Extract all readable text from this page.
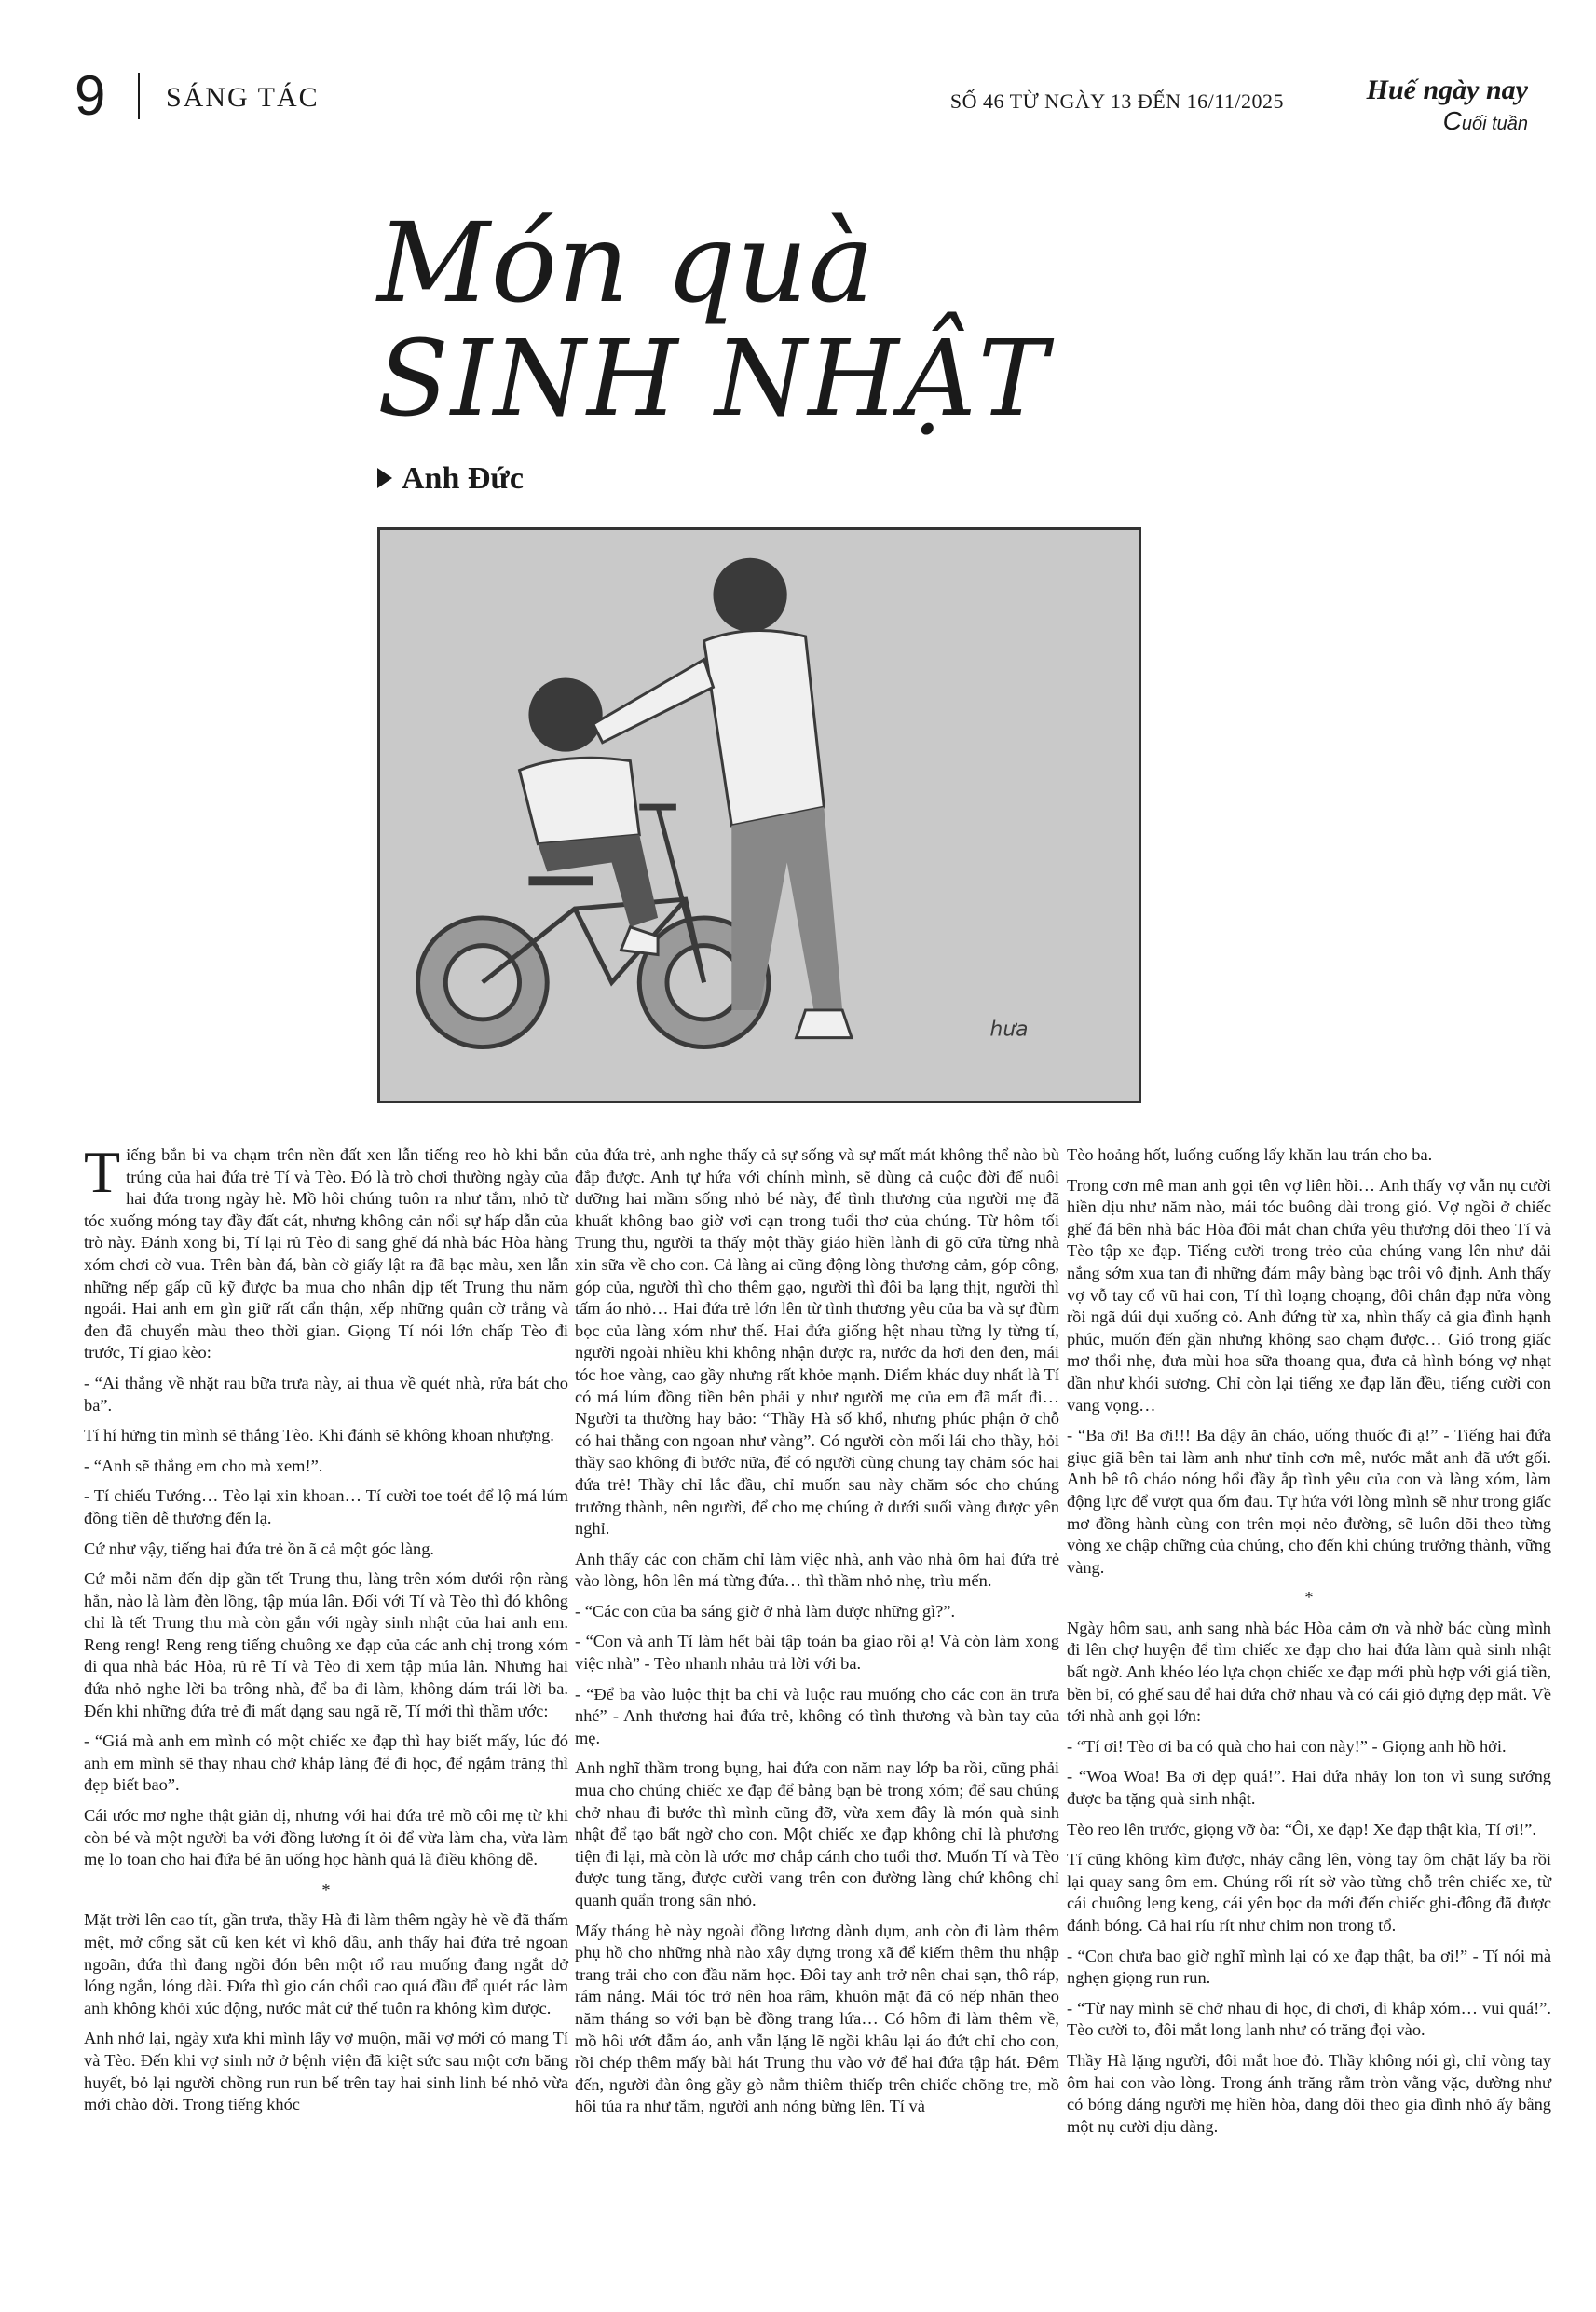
9 SÁNG TÁC	SỐ 46 TỪ NGÀY 13 ĐẾN 16/11/2025	Huế ngày nay
Cuối tuần
Món quà
SINH NHẬT
Anh Đức
hưa

Tiếng bắn bi va chạm trên nền đất xen lẫn tiếng reo hò khi bắn trúng của hai đứa trẻ Tí và Tèo. Đó là trò chơi thường ngày của hai đứa trong ngày hè. Mồ hôi chúng tuôn ra như tắm, nhỏ từ tóc xuống móng tay đầy đất cát, nhưng không cản nổi sự hấp dẫn của trò này. Đánh xong bi, Tí lại rủ Tèo đi sang ghế đá nhà bác Hòa hàng xóm chơi cờ vua. Trên bàn đá, bàn cờ giấy lật ra đã bạc màu, xen lẫn những nếp gấp cũ kỹ được ba mua cho nhân dịp tết Trung thu năm ngoái. Hai anh em gìn giữ rất cẩn thận, xếp những quân cờ trắng và đen đã chuyển màu theo thời gian. Giọng Tí nói lớn chấp Tèo đi trước, Tí giao kèo:

- “Ai thắng về nhặt rau bữa trưa này, ai thua về quét nhà, rửa bát cho ba”.

Tí hí hửng tin mình sẽ thắng Tèo. Khi đánh sẽ không khoan nhượng.

- “Anh sẽ thắng em cho mà xem!”.

- Tí chiếu Tướng… Tèo lại xin khoan… Tí cười toe toét để lộ má lúm đồng tiền dễ thương đến lạ.

Cứ như vậy, tiếng hai đứa trẻ ồn ã cả một góc làng.

Cứ mỗi năm đến dịp gần tết Trung thu, làng trên xóm dưới rộn ràng hẳn, nào là làm đèn lồng, tập múa lân. Đối với Tí và Tèo thì đó không chỉ là tết Trung thu mà còn gắn với ngày sinh nhật của hai anh em. Reng reng! Reng reng tiếng chuông xe đạp của các anh chị trong xóm đi qua nhà bác Hòa, rủ rê Tí và Tèo đi xem tập múa lân. Nhưng hai đứa nhỏ nghe lời ba trông nhà, để ba đi làm, không dám trái lời ba. Đến khi những đứa trẻ đi mất dạng sau ngã rẽ, Tí mới thì thầm ước:

- “Giá mà anh em mình có một chiếc xe đạp thì hay biết mấy, lúc đó anh em mình sẽ thay nhau chở khắp làng để đi học, để ngắm trăng thì đẹp biết bao”.

Cái ước mơ nghe thật giản dị, nhưng với hai đứa trẻ mồ côi mẹ từ khi còn bé và một người ba với đồng lương ít ỏi để vừa làm cha, vừa làm mẹ lo toan cho hai đứa bé ăn uống học hành quả là điều không dễ.

*

Mặt trời lên cao tít, gần trưa, thầy Hà đi làm thêm ngày hè về đã thấm mệt, mở cổng sắt cũ ken két vì khô dầu, anh thấy hai đứa trẻ ngoan ngoãn, đứa thì đang ngồi đón bên một rổ rau muống đang ngắt dở lóng ngắn, lóng dài. Đứa thì gio cán chổi cao quá đầu để quét rác làm anh không khỏi xúc động, nước mắt cứ thế tuôn ra không kìm được.

Anh nhớ lại, ngày xưa khi mình lấy vợ muộn, mãi vợ mới có mang Tí và Tèo. Đến khi vợ sinh nở ở bệnh viện đã kiệt sức sau một cơn băng huyết, bỏ lại người chồng run run bế trên tay hai sinh linh bé nhỏ vừa mới chào đời. Trong tiếng khóc

của đứa trẻ, anh nghe thấy cả sự sống và sự mất mát không thể nào bù đắp được. Anh tự hứa với chính mình, sẽ dùng cả cuộc đời để nuôi dưỡng hai mầm sống nhỏ bé này, để tình thương của người mẹ đã khuất không bao giờ vơi cạn trong tuổi thơ của chúng. Từ hôm tối Trung thu, người ta thấy một thầy giáo hiền lành đi gõ cửa từng nhà xin sữa về cho con. Cả làng ai cũng động lòng thương cảm, góp công, góp của, người thì cho thêm gạo, người thì đôi ba lạng thịt, người thì tấm áo nhỏ… Hai đứa trẻ lớn lên từ tình thương yêu của ba và sự đùm bọc của làng xóm như thế. Hai đứa giống hệt nhau từng ly từng tí, người ngoài nhiều khi không nhận được ra, nước da hơi đen đen, mái tóc hoe vàng, cao gầy nhưng rất khỏe mạnh. Điểm khác duy nhất là Tí có má lúm đồng tiền bên phải y như người mẹ của em đã mất đi… Người ta thường hay bảo: “Thầy Hà số khổ, nhưng phúc phận ở chỗ có hai thằng con ngoan như vàng”. Có người còn mối lái cho thầy, hỏi thầy sao không đi bước nữa, để có người cùng chung tay chăm sóc hai đứa trẻ! Thầy chỉ lắc đầu, chỉ muốn sau này chăm sóc cho chúng trưởng thành, nên người, để cho mẹ chúng ở dưới suối vàng được yên nghỉ.

Anh thấy các con chăm chỉ làm việc nhà, anh vào nhà ôm hai đứa trẻ vào lòng, hôn lên má từng đứa… thì thầm nhỏ nhẹ, trìu mến.

- “Các con của ba sáng giờ ở nhà làm được những gì?”.

- “Con và anh Tí làm hết bài tập toán ba giao rồi ạ! Và còn làm xong việc nhà” - Tèo nhanh nhảu trả lời với ba.

- “Để ba vào luộc thịt ba chỉ và luộc rau muống cho các con ăn trưa nhé” - Anh thương hai đứa trẻ, không có tình thương và bàn tay của mẹ.

Anh nghĩ thầm trong bụng, hai đứa con năm nay lớp ba rồi, cũng phải mua cho chúng chiếc xe đạp để bằng bạn bè trong xóm; để sau chúng chở nhau đi bước thì mình cũng đỡ, vừa xem đây là món quà sinh nhật để tạo bất ngờ cho con. Một chiếc xe đạp không chỉ là phương tiện đi lại, mà còn là ước mơ chắp cánh cho tuổi thơ. Muốn Tí và Tèo được tung tăng, được cười vang trên con đường làng chứ không chỉ quanh quẩn trong sân nhỏ.

Mấy tháng hè này ngoài đồng lương dành dụm, anh còn đi làm thêm phụ hồ cho những nhà nào xây dựng trong xã để kiếm thêm thu nhập trang trải cho con đầu năm học. Đôi tay anh trở nên chai sạn, thô ráp, rám nắng. Mái tóc trở nên hoa râm, khuôn mặt đã có nếp nhăn theo năm tháng so với bạn bè đồng trang lứa… Có hôm đi làm thêm về, mồ hôi ướt đẫm áo, anh vẫn lặng lẽ ngồi khâu lại áo đứt chỉ cho con, rồi chép thêm mấy bài hát Trung thu vào vở để hai đứa tập hát. Đêm đến, người đàn ông gầy gò nằm thiêm thiếp trên chiếc chõng tre, mồ hôi túa ra như tắm, người anh nóng bừng lên. Tí và

Tèo hoảng hốt, luống cuống lấy khăn lau trán cho ba.

Trong cơn mê man anh gọi tên vợ liên hồi… Anh thấy vợ vẫn nụ cười hiền dịu như năm nào, mái tóc buông dài trong gió. Vợ ngồi ở chiếc ghế đá bên nhà bác Hòa đôi mắt chan chứa yêu thương dõi theo Tí và Tèo tập xe đạp. Tiếng cười trong trẻo của chúng vang lên như dải nắng sớm xua tan đi những đám mây bàng bạc trôi vô định. Anh thấy vợ vỗ tay cổ vũ hai con, Tí thì loạng choạng, đôi chân đạp nửa vòng rồi ngã dúi dụi xuống cỏ. Anh đứng từ xa, nhìn thấy cả gia đình hạnh phúc, muốn đến gần nhưng không sao chạm được… Gió trong giấc mơ thổi nhẹ, đưa mùi hoa sữa thoang qua, đưa cả hình bóng vợ nhạt dần như khói sương. Chỉ còn lại tiếng xe đạp lăn đều, tiếng cười con vang vọng…

- “Ba ơi! Ba ơi!!! Ba dậy ăn cháo, uống thuốc đi ạ!” - Tiếng hai đứa giục giã bên tai làm anh như tỉnh cơn mê, nước mắt anh đã ướt gối. Anh bê tô cháo nóng hổi đầy ắp tình yêu của con và làng xóm, làm động lực để vượt qua ốm đau. Tự hứa với lòng mình sẽ như trong giấc mơ đồng hành cùng con trên mọi nẻo đường, sẽ luôn dõi theo từng vòng xe chập chững của chúng, cho đến khi chúng trưởng thành, vững vàng.

*

Ngày hôm sau, anh sang nhà bác Hòa cảm ơn và nhờ bác cùng mình đi lên chợ huyện để tìm chiếc xe đạp cho hai đứa làm quà sinh nhật bất ngờ. Anh khéo léo lựa chọn chiếc xe đạp mới phù hợp với giá tiền, bền bỉ, có ghế sau để hai đứa chở nhau và có cái giỏ đựng đẹp mắt. Về tới nhà anh gọi lớn:

- “Tí ơi! Tèo ơi ba có quà cho hai con này!” - Giọng anh hồ hởi.

- “Woa Woa! Ba ơi đẹp quá!”. Hai đứa nhảy lon ton vì sung sướng được ba tặng quà sinh nhật.

Tèo reo lên trước, giọng vỡ òa: “Ôi, xe đạp! Xe đạp thật kìa, Tí ơi!”.

Tí cũng không kìm được, nhảy cẫng lên, vòng tay ôm chặt lấy ba rồi lại quay sang ôm em. Chúng rối rít sờ vào từng chỗ trên chiếc xe, từ cái chuông leng keng, cái yên bọc da mới đến chiếc ghi-đông đã được đánh bóng. Cả hai ríu rít như chim non trong tổ.

- “Con chưa bao giờ nghĩ mình lại có xe đạp thật, ba ơi!” - Tí nói mà nghẹn giọng run run.

- “Từ nay mình sẽ chở nhau đi học, đi chơi, đi khắp xóm… vui quá!”. Tèo cười to, đôi mắt long lanh như có trăng đọi vào.

Thầy Hà lặng người, đôi mắt hoe đỏ. Thầy không nói gì, chỉ vòng tay ôm hai con vào lòng. Trong ánh trăng rằm tròn vằng vặc, dường như có bóng dáng người mẹ hiền hòa, đang dõi theo gia đình nhỏ ấy bằng một nụ cười dịu dàng.
